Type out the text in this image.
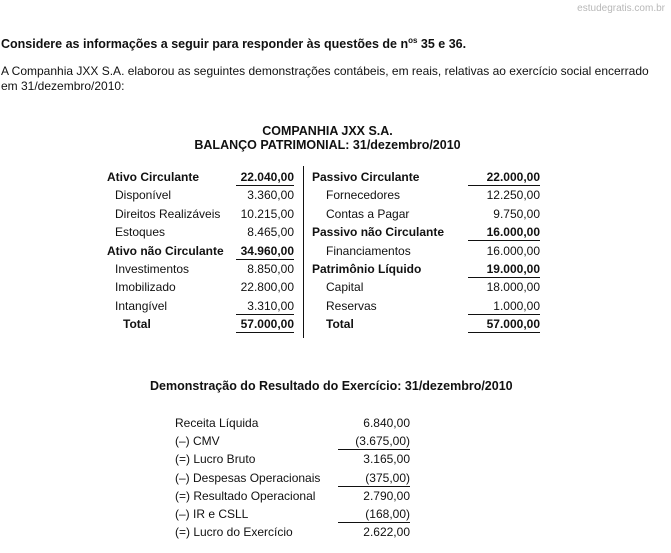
estudegratis.com.br
Considere as informações a seguir para responder às questões de $n^{os}$ 35 e 36.
A Companhia JXX S.A. elaborou as seguintes demonstrações contábeis, em reais, relativas ao exercício social encerrado em 31/dezembro/2010:
COMPANHIA JXX S.A.
BALANÇO PATRIMONIAL: 31/dezembro/2010
Ativo Circulante	22.040,00
Disponível	3.360,00
Direitos Realizáveis	10.215,00
Estoques	8.465,00
Ativo não Circulante	34.960,00
Investimentos	8.850,00
Imobilizado	22.800,00
Intangível	3.310,00
Total	57.000,00
Passivo Circulante	22.000,00
Fornecedores	12.250,00
Contas a Pagar	9.750,00
Passivo não Circulante	16.000,00
Financiamentos	16.000,00
Patrimônio Líquido	19.000,00
Capital	18.000,00
Reservas	1.000,00
Total	57.000,00
Demonstração do Resultado do Exercício: 31/dezembro/2010
Receita Líquida	6.840,00
(–) CMV	(3.675,00)
(=) Lucro Bruto	3.165,00
(–) Despesas Operacionais	(375,00)
(=) Resultado Operacional	2.790,00
(–) IR e CSLL	(168,00)
(=) Lucro do Exercício	2.622,00
